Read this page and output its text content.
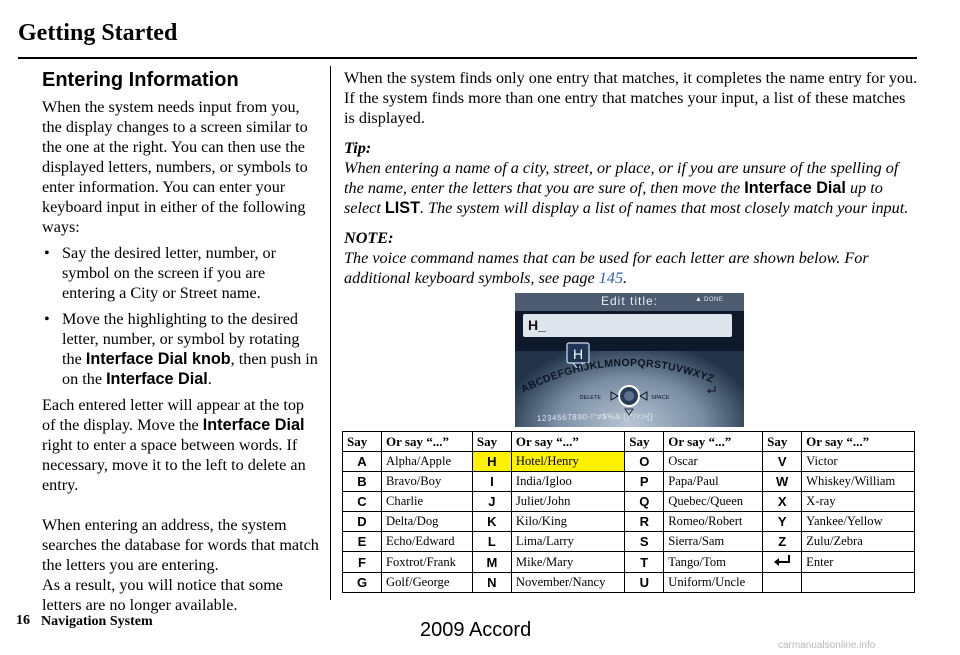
Getting Started
Entering Information

When the system needs input from you, the display changes to a screen similar to the one at the right. You can then use the displayed letters, numbers, or symbols to enter information. You can enter your keyboard input in either of the following ways:

• Say the desired letter, number, or symbol on the screen if you are entering a City or Street name.
• Move the highlighting to the desired letter, number, or symbol by rotating the Interface Dial knob, then push in on the Interface Dial.

Each entered letter will appear at the top of the display. Move the Interface Dial right to enter a space between words. If necessary, move it to the left to delete an entry.

When entering an address, the system searches the database for words that match the letters you are entering.

As a result, you will notice that some letters are no longer available.

When the system finds only one entry that matches, it completes the name entry for you. If the system finds more than one entry that matches your input, a list of these matches is displayed.

Tip:

When entering a name of a city, street, or place, or if you are unsure of the spelling of the name, enter the letters that you are sure of, then move the Interface Dial up to select LIST. The system will display a list of names that most closely match your input.

NOTE:

The voice command names that can be used for each letter are shown below. For additional keyboard symbols, see page 145.

Edit title:	▲ DONE
H_
H
ABCDEFGHIJKLMNOPQRSTUVWXYZ
DELETE	SPACE
1234567890-!"#$%&'()*/<>{}
Say	Or say “...”	Say	Or say “...”	Say	Or say “...”	Say	Or say “...”
A	Alpha/Apple	H	Hotel/Henry	O	Oscar	V	Victor
B	Bravo/Boy	I	India/Igloo	P	Papa/Paul	W	Whiskey/William
C	Charlie	J	Juliet/John	Q	Quebec/Queen	X	X-ray
D	Delta/Dog	K	Kilo/King	R	Romeo/Robert	Y	Yankee/Yellow
E	Echo/Edward	L	Lima/Larry	S	Sierra/Sam	Z	Zulu/Zebra
F	Foxtrot/Frank	M	Mike/Mary	T	Tango/Tom		Enter
G	Golf/George	N	November/Nancy	U	Uniform/Uncle		
16 Navigation System	2009 Accord
carmanualsonline.info
